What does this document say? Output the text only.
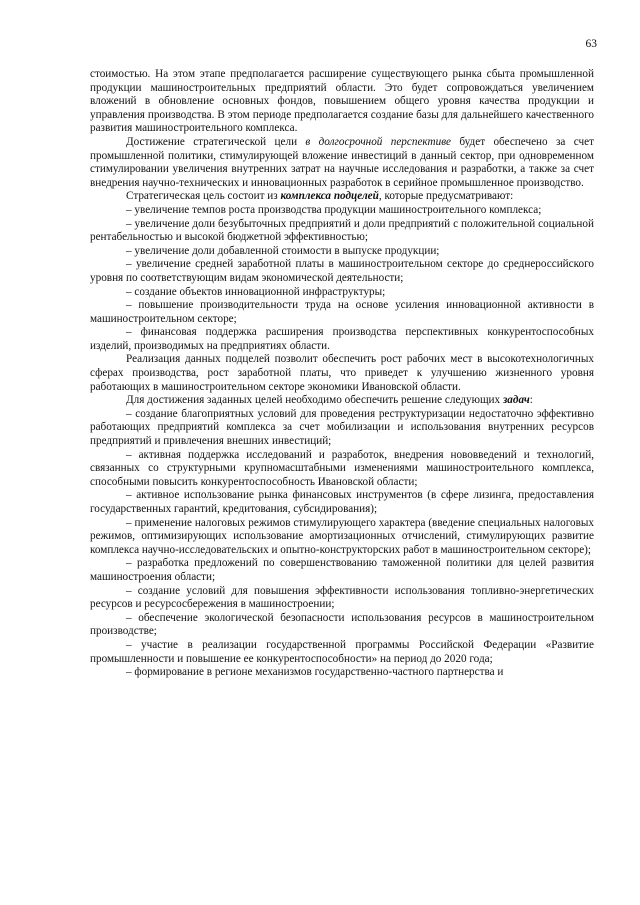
63

стоимостью. На этом этапе предполагается расширение существующего рынка сбыта промышленной продукции машиностроительных предприятий области. Это будет сопровождаться увеличением вложений в обновление основных фондов, повышением общего уровня качества продукции и управления производства. В этом периоде предполагается создание базы для дальнейшего качественного развития машиностроительного комплекса.

Достижение стратегической цели в долгосрочной перспективе будет обеспечено за счет промышленной политики, стимулирующей вложение инвестиций в данный сектор, при одновременном стимулировании увеличения внутренних затрат на научные исследования и разработки, а также за счет внедрения научно-технических и инновационных разработок в серийное промышленное производство.

Стратегическая цель состоит из комплекса подцелей, которые предусматривают:

– увеличение темпов роста производства продукции машиностроительного комплекса;

– увеличение доли безубыточных предприятий и доли предприятий с положительной социальной рентабельностью и высокой бюджетной эффективностью;

– увеличение доли добавленной стоимости в выпуске продукции;

– увеличение средней заработной платы в машиностроительном секторе до среднероссийского уровня по соответствующим видам экономической деятельности;

– создание объектов инновационной инфраструктуры;

– повышение производительности труда на основе усиления инновационной активности в машиностроительном секторе;

– финансовая поддержка расширения производства перспективных конкурентоспособных изделий, производимых на предприятиях области.

Реализация данных подцелей позволит обеспечить рост рабочих мест в высокотехнологичных сферах производства, рост заработной платы, что приведет к улучшению жизненного уровня работающих в машиностроительном секторе экономики Ивановской области.

Для достижения заданных целей необходимо обеспечить решение следующих задач:

– создание благоприятных условий для проведения реструктуризации недостаточно эффективно работающих предприятий комплекса за счет мобилизации и использования внутренних ресурсов предприятий и привлечения внешних инвестиций;

– активная поддержка исследований и разработок, внедрения нововведений и технологий, связанных со структурными крупномасштабными изменениями машиностроительного комплекса, способными повысить конкурентоспособность Ивановской области;

– активное использование рынка финансовых инструментов (в сфере лизинга, предоставления государственных гарантий, кредитования, субсидирования);

– применение налоговых режимов стимулирующего характера (введение специальных налоговых режимов, оптимизирующих использование амортизационных отчислений, стимулирующих развитие комплекса научно-исследовательских и опытно-конструкторских работ в машиностроительном секторе);

– разработка предложений по совершенствованию таможенной политики для целей развития машиностроения области;

– создание условий для повышения эффективности использования топливно-энергетических ресурсов и ресурсосбережения в машиностроении;

– обеспечение экологической безопасности использования ресурсов в машиностроительном производстве;

– участие в реализации государственной программы Российской Федерации «Развитие промышленности и повышение ее конкурентоспособности» на период до 2020 года;

– формирование в регионе механизмов государственно-частного партнерства и
